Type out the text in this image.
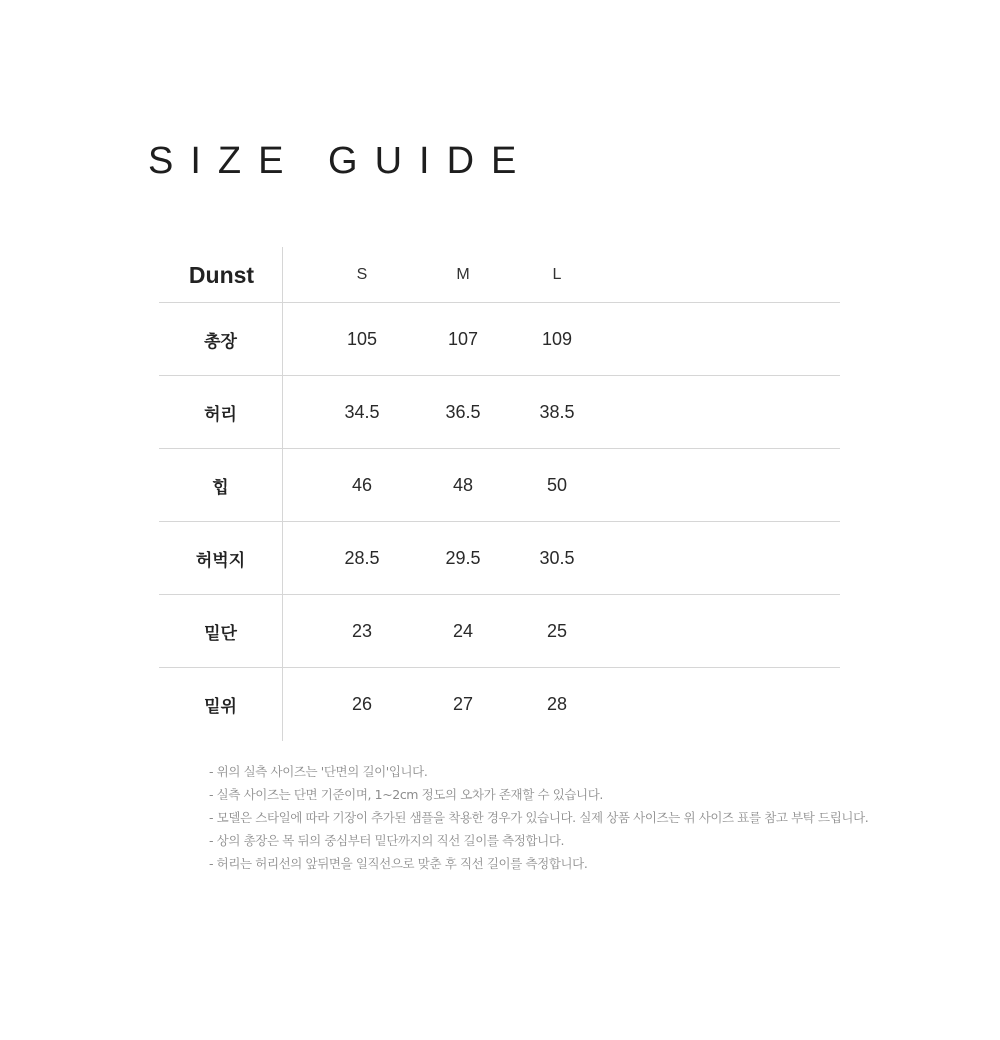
SIZE GUIDE
Dunst	S	M	L
총장	105	107	109
허리	34.5	36.5	38.5
힙	46	48	50
허벅지	28.5	29.5	30.5
밑단	23	24	25
밑위	26	27	28
- 위의 실측 사이즈는 '단면의 길이'입니다.
- 실측 사이즈는 단면 기준이며, 1~2cm 정도의 오차가 존재할 수 있습니다.
- 모델은 스타일에 따라 기장이 추가된 샘플을 착용한 경우가 있습니다. 실제 상품 사이즈는 위 사이즈 표를 참고 부탁 드립니다.
- 상의 총장은 목 뒤의 중심부터 밑단까지의 직선 길이를 측정합니다.
- 허리는 허리선의 앞뒤면을 일직선으로 맞춘 후 직선 길이를 측정합니다.
